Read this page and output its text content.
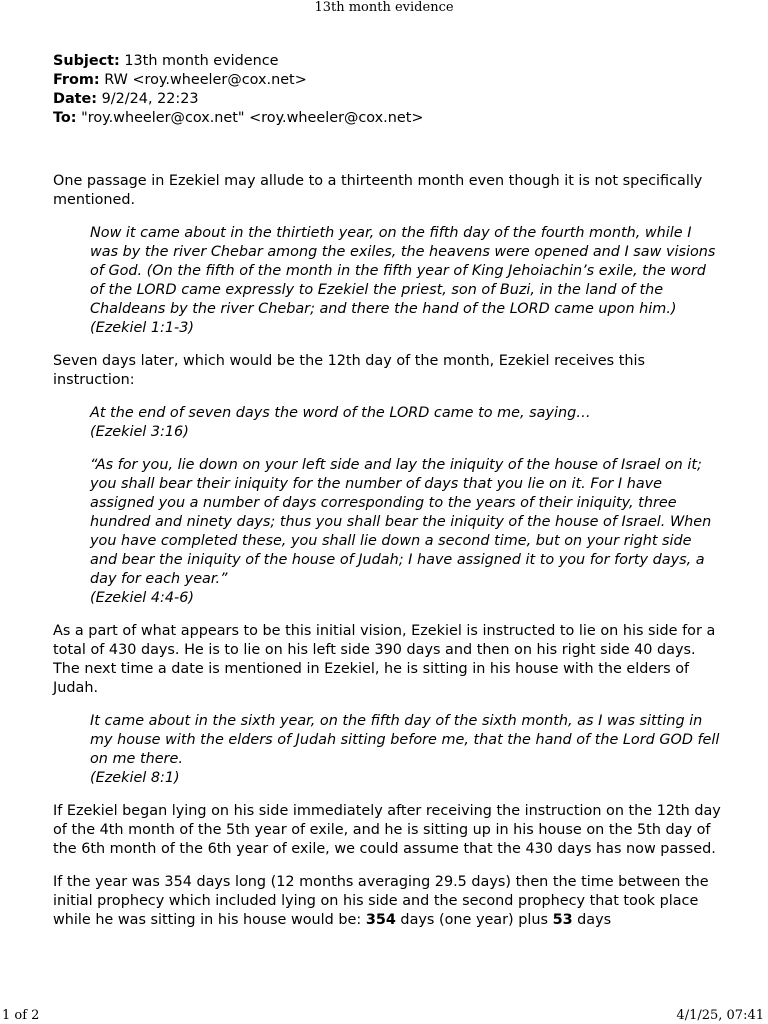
13th month evidence
Subject: 13th month evidence
From: RW <roy.wheeler@cox.net>
Date: 9/2/24, 22:23
To: "roy.wheeler@cox.net" <roy.wheeler@cox.net>

One passage in Ezekiel may allude to a thirteenth month even though it is not specifically mentioned.

Now it came about in the thirtieth year, on the fifth day of the fourth month, while I was by the river Chebar among the exiles, the heavens were opened and I saw visions of God. (On the fifth of the month in the fifth year of King Jehoiachin’s exile, the word of the LORD came expressly to Ezekiel the priest, son of Buzi, in the land of the Chaldeans by the river Chebar; and there the hand of the LORD came upon him.)
(Ezekiel 1:1-3)

Seven days later, which would be the 12th day of the month, Ezekiel receives this instruction:

At the end of seven days the word of the LORD came to me, saying…
(Ezekiel 3:16)
“As for you, lie down on your left side and lay the iniquity of the house of Israel on it; you shall bear their iniquity for the number of days that you lie on it. For I have assigned you a number of days corresponding to the years of their iniquity, three hundred and ninety days; thus you shall bear the iniquity of the house of Israel. When you have completed these, you shall lie down a second time, but on your right side and bear the iniquity of the house of Judah; I have assigned it to you for forty days, a day for each year.”
(Ezekiel 4:4-6)

As a part of what appears to be this initial vision, Ezekiel is instructed to lie on his side for a total of 430 days. He is to lie on his left side 390 days and then on his right side 40 days. The next time a date is mentioned in Ezekiel, he is sitting in his house with the elders of Judah.

It came about in the sixth year, on the fifth day of the sixth month, as I was sitting in my house with the elders of Judah sitting before me, that the hand of the Lord GOD fell on me there.
(Ezekiel 8:1)

If Ezekiel began lying on his side immediately after receiving the instruction on the 12th day of the 4th month of the 5th year of exile, and he is sitting up in his house on the 5th day of the 6th month of the 6th year of exile, we could assume that the 430 days has now passed.

If the year was 354 days long (12 months averaging 29.5 days) then the time between the initial prophecy which included lying on his side and the second prophecy that took place while he was sitting in his house would be: 354 days (one year) plus 53 days

1 of 2	4/1/25, 07:41
